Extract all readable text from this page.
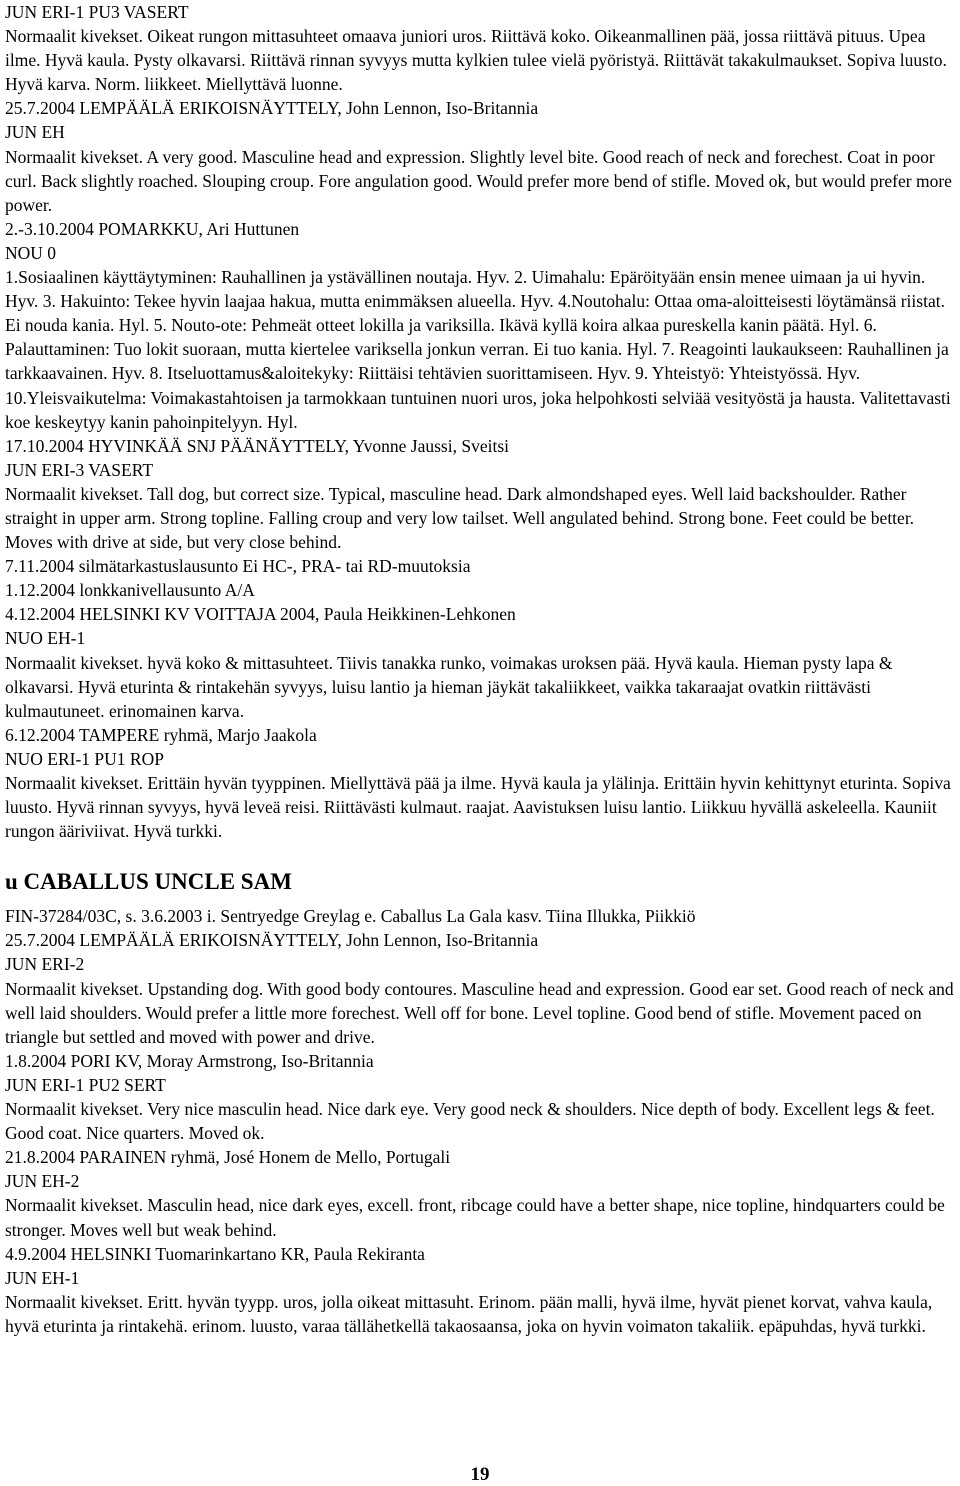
JUN ERI-1 PU3 VASERT

Normaalit kivekset. Oikeat rungon mittasuhteet omaava juniori uros. Riittävä koko. Oikeanmallinen pää, jossa riittävä pituus. Upea ilme. Hyvä kaula. Pysty olkavarsi. Riittävä rinnan syvyys mutta kylkien tulee vielä pyöristyä. Riittävät takakulmaukset. Sopiva luusto. Hyvä karva. Norm. liikkeet. Miellyttävä luonne.

25.7.2004 LEMPÄÄLÄ ERIKOISNÄYTTELY, John Lennon, Iso-Britannia

JUN EH

Normaalit kivekset. A very good. Masculine head and expression. Slightly level bite. Good reach of neck and forechest. Coat in poor curl. Back slightly roached. Slouping croup. Fore angulation good. Would prefer more bend of stifle. Moved ok, but would prefer more power.

2.-3.10.2004 POMARKKU, Ari Huttunen

NOU 0

1.Sosiaalinen käyttäytyminen: Rauhallinen ja ystävällinen noutaja. Hyv. 2. Uimahalu: Epäröityään ensin menee uimaan ja ui hyvin. Hyv. 3. Hakuinto: Tekee hyvin laajaa hakua, mutta enimmäksen alueella. Hyv. 4.Noutohalu: Ottaa oma-aloitteisesti löytämänsä riistat. Ei nouda kania. Hyl. 5. Nouto-ote: Pehmeät otteet lokilla ja variksilla. Ikävä kyllä koira alkaa pureskella kanin päätä. Hyl. 6. Palauttaminen: Tuo lokit suoraan, mutta kiertelee variksella jonkun verran. Ei tuo kania. Hyl. 7. Reagointi laukaukseen: Rauhallinen ja tarkkaavainen. Hyv. 8. Itseluottamus&aloitekyky: Riittäisi tehtävien suorittamiseen. Hyv. 9. Yhteistyö: Yhteistyössä. Hyv. 10.Yleisvaikutelma: Voimakastahtoisen ja tarmokkaan tuntuinen nuori uros, joka helpohkosti selviää vesityöstä ja hausta. Valitettavasti koe keskeytyy kanin pahoinpitelyyn. Hyl.

17.10.2004 HYVINKÄÄ SNJ PÄÄNÄYTTELY, Yvonne Jaussi, Sveitsi

JUN ERI-3 VASERT

Normaalit kivekset. Tall dog, but correct size. Typical, masculine head. Dark almondshaped eyes. Well laid backshoulder. Rather straight in upper arm. Strong topline. Falling croup and very low tailset. Well angulated behind. Strong bone. Feet could be better. Moves with drive at side, but very close behind.

7.11.2004 silmätarkastuslausunto Ei HC-, PRA- tai RD-muutoksia

1.12.2004 lonkkanivellausunto A/A

4.12.2004 HELSINKI KV VOITTAJA 2004, Paula Heikkinen-Lehkonen

NUO EH-1

Normaalit kivekset. hyvä koko & mittasuhteet. Tiivis tanakka runko, voimakas uroksen pää. Hyvä kaula. Hieman pysty lapa & olkavarsi. Hyvä eturinta & rintakehän syvyys, luisu lantio ja hieman jäykät takaliikkeet, vaikka takaraajat ovatkin riittävästi kulmautuneet. erinomainen karva.

6.12.2004 TAMPERE ryhmä, Marjo Jaakola

NUO ERI-1 PU1 ROP

Normaalit kivekset. Erittäin hyvän tyyppinen. Miellyttävä pää ja ilme. Hyvä kaula ja ylälinja. Erittäin hyvin kehittynyt eturinta. Sopiva luusto. Hyvä rinnan syvyys, hyvä leveä reisi. Riittävästi kulmaut. raajat. Aavistuksen luisu lantio. Liikkuu hyvällä askeleella. Kauniit rungon ääriviivat. Hyvä turkki.

u CABALLUS UNCLE SAM

FIN-37284/03C, s. 3.6.2003 i. Sentryedge Greylag e. Caballus La Gala kasv. Tiina Illukka, Piikkiö

25.7.2004 LEMPÄÄLÄ ERIKOISNÄYTTELY, John Lennon, Iso-Britannia

JUN ERI-2

Normaalit kivekset. Upstanding dog. With good body contoures. Masculine head and expression. Good ear set. Good reach of neck and well laid shoulders. Would prefer a little more forechest. Well off for bone. Level topline. Good bend of stifle. Movement paced on triangle but settled and moved with power and drive.

1.8.2004 PORI KV, Moray Armstrong, Iso-Britannia

JUN ERI-1 PU2 SERT

Normaalit kivekset. Very nice masculin head. Nice dark eye. Very good neck & shoulders. Nice depth of body. Excellent legs & feet. Good coat. Nice quarters. Moved ok.

21.8.2004 PARAINEN ryhmä, José Honem de Mello, Portugali

JUN EH-2

Normaalit kivekset. Masculin head, nice dark eyes, excell. front, ribcage could have a better shape, nice topline, hindquarters could be stronger. Moves well but weak behind.

4.9.2004 HELSINKI Tuomarinkartano KR, Paula Rekiranta

JUN EH-1

Normaalit kivekset. Eritt. hyvän tyypp. uros, jolla oikeat mittasuht. Erinom. pään malli, hyvä ilme, hyvät pienet korvat, vahva kaula, hyvä eturinta ja rintakehä. erinom. luusto, varaa tällähetkellä takaosaansa, joka on hyvin voimaton takaliik. epäpuhdas, hyvä turkki.

19
